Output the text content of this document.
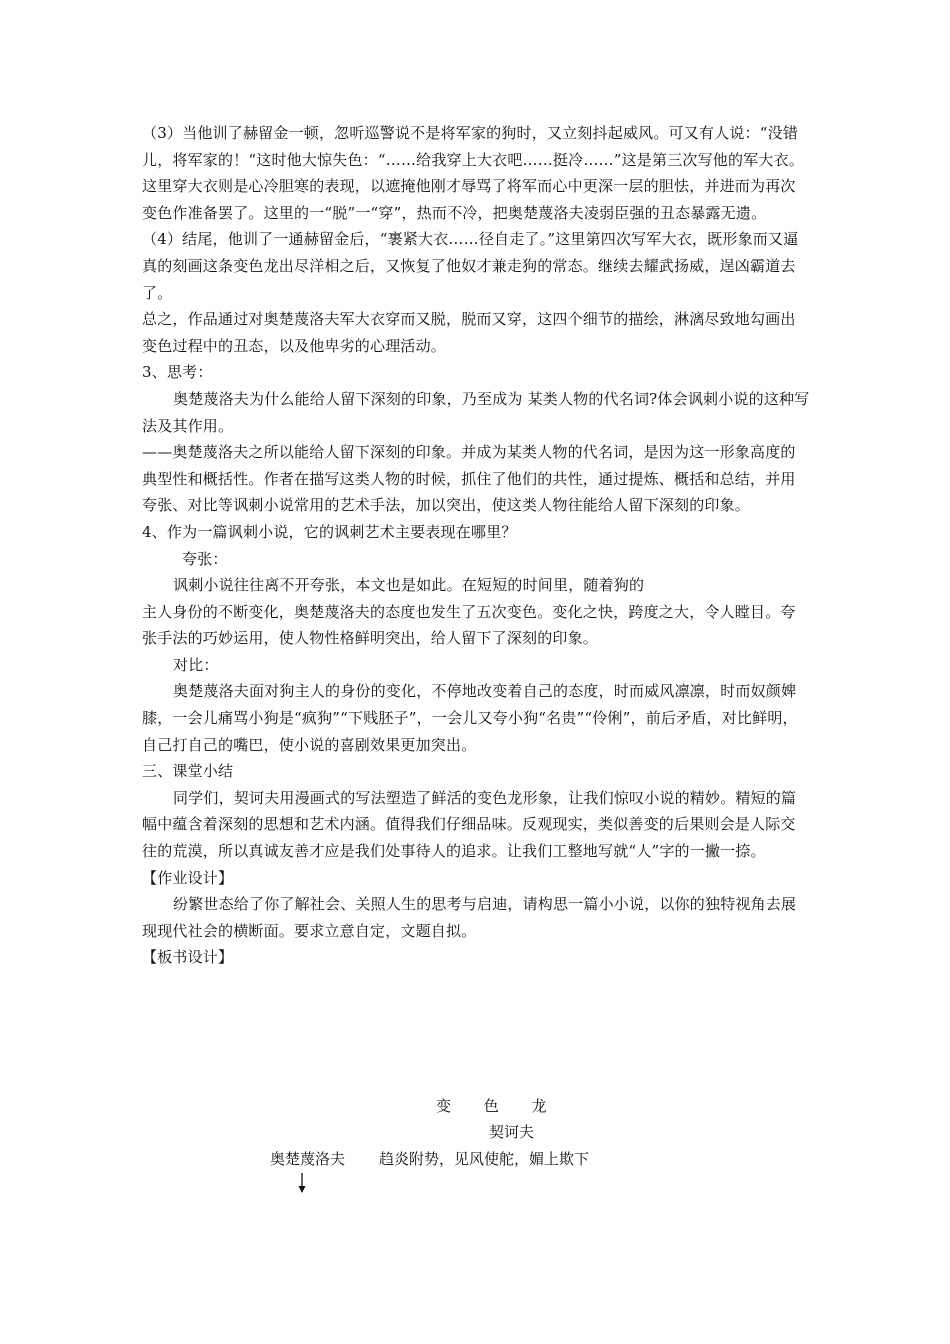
（3）当他训了赫留金一顿，忽听巡警说不是将军家的狗时，又立刻抖起威风。可又有人说：“没错儿，将军家的！“这时他大惊失色：“……给我穿上大衣吧……挺冷……”这是第三次写他的军大衣。这里穿大衣则是心冷胆寒的表现，以遮掩他刚才辱骂了将军而心中更深一层的胆怯，并进而为再次变色作准备罢了。这里的一“脱”一“穿”，热而不冷，把奥楚蔑洛夫凌弱臣强的丑态暴露无遗。

（4）结尾，他训了一通赫留金后，“裹紧大衣……径自走了。”这里第四次写军大衣，既形象而又逼真的刻画这条变色龙出尽洋相之后，又恢复了他奴才兼走狗的常态。继续去耀武扬威，逞凶霸道去了。

总之，作品通过对奥楚蔑洛夫军大衣穿而又脱，脱而又穿，这四个细节的描绘，淋漓尽致地勾画出变色过程中的丑态，以及他卑劣的心理活动。

3、思考：

奥楚蔑洛夫为什么能给人留下深刻的印象，乃至成为 某类人物的代名词?体会讽刺小说的这种写法及其作用。

——奥楚蔑洛夫之所以能给人留下深刻的印象。并成为某类人物的代名词，是因为这一形象高度的典型性和概括性。作者在描写这类人物的时候，抓住了他们的共性，通过提炼、概括和总结，并用夸张、对比等讽刺小说常用的艺术手法，加以突出，使这类人物往能给人留下深刻的印象。

4、作为一篇讽刺小说，它的讽刺艺术主要表现在哪里？

夸张：

讽刺小说往往离不开夸张，本文也是如此。在短短的时间里，随着狗的

主人身份的不断变化，奥楚蔑洛夫的态度也发生了五次变色。变化之快，跨度之大，令人瞠目。夸张手法的巧妙运用，使人物性格鲜明突出，给人留下了深刻的印象。

对比：

奥楚蔑洛夫面对狗主人的身份的变化，不停地改变着自己的态度，时而威风凛凛，时而奴颜婢膝，一会儿痛骂小狗是“疯狗”“下贱胚子”，一会儿又夸小狗“名贵”“伶俐”，前后矛盾，对比鲜明，自己打自己的嘴巴，使小说的喜剧效果更加突出。

三、课堂小结

同学们，契诃夫用漫画式的写法塑造了鲜活的变色龙形象，让我们惊叹小说的精妙。精短的篇幅中蕴含着深刻的思想和艺术内涵。值得我们仔细品味。反观现实，类似善变的后果则会是人际交往的荒漠，所以真诚友善才应是我们处事待人的追求。让我们工整地写就“人”字的一撇一捺。

【作业设计】

纷繁世态给了你了解社会、关照人生的思考与启迪，请构思一篇小小说，以你的独特视角去展现现代社会的横断面。要求立意自定，文题自拟。

【板书设计】

变 色 龙
契诃夫
奥楚蔑洛夫 趋炎附势，见风使舵，媚上欺下
